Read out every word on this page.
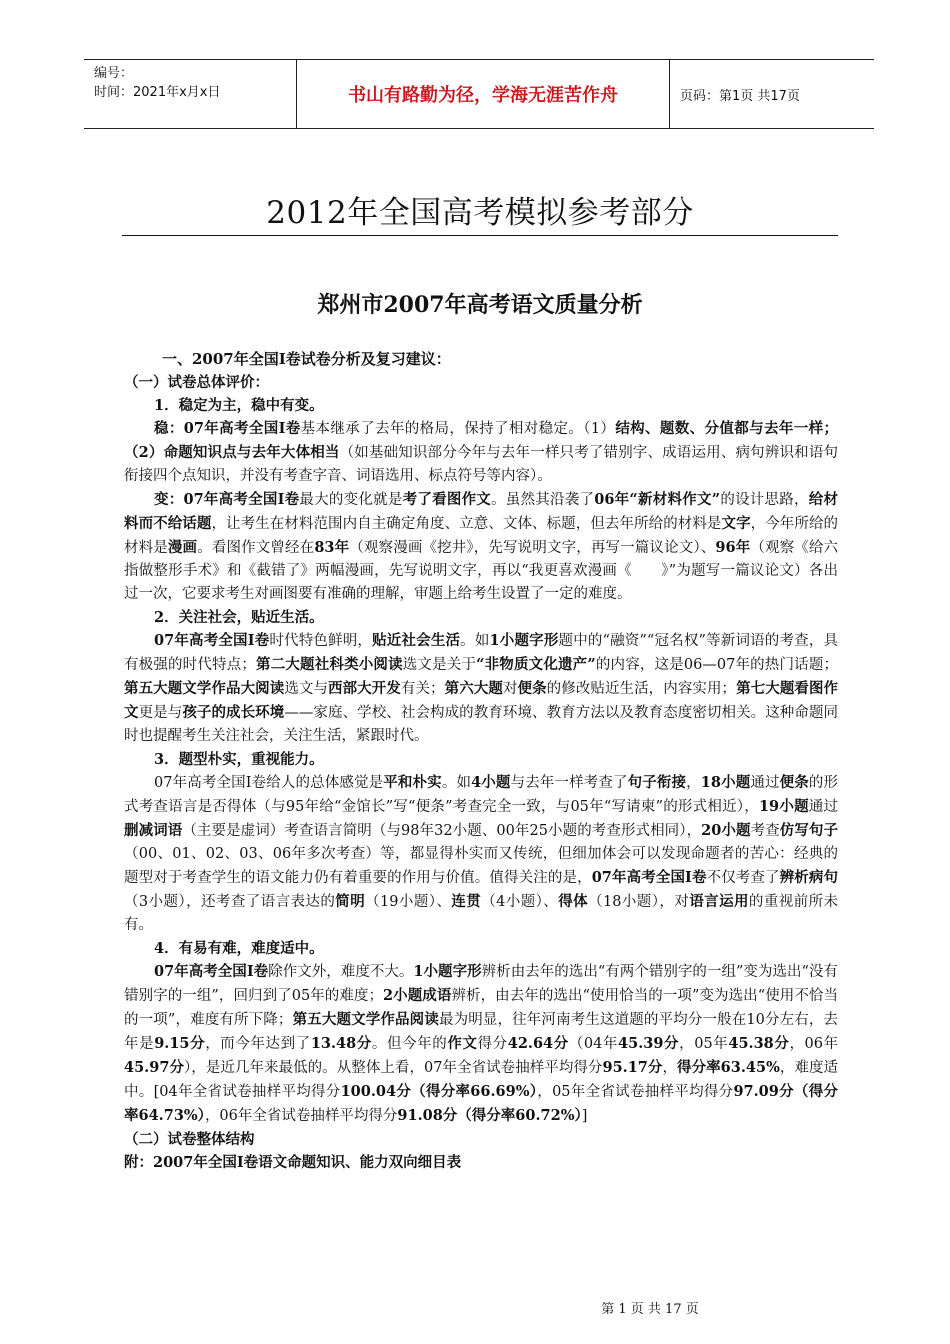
编号：
时间：2021年x月x日	书山有路勤为径，学海无涯苦作舟	页码：第1页 共17页
2012年全国高考模拟参考部分
郑州市2007年高考语文质量分析

一、2007年全国Ⅰ卷试卷分析及复习建议：

（一）试卷总体评价：

1．稳定为主，稳中有变。

稳：07年高考全国Ⅰ卷基本继承了去年的格局，保持了相对稳定。（1）结构、题数、分值都与去年一样；（2）命题知识点与去年大体相当（如基础知识部分今年与去年一样只考了错别字、成语运用、病句辨识和语句衔接四个点知识，并没有考查字音、词语选用、标点符号等内容）。

变：07年高考全国Ⅰ卷最大的变化就是考了看图作文。虽然其沿袭了06年“新材料作文”的设计思路，给材料而不给话题，让考生在材料范围内自主确定角度、立意、文体、标题，但去年所给的材料是文字，今年所给的材料是漫画。看图作文曾经在83年（观察漫画《挖井》，先写说明文字，再写一篇议论文）、96年（观察《给六指做整形手术》和《截错了》两幅漫画，先写说明文字，再以“我更喜欢漫画《　　》”为题写一篇议论文）各出过一次，它要求考生对画图要有准确的理解，审题上给考生设置了一定的难度。

2．关注社会，贴近生活。

07年高考全国Ⅰ卷时代特色鲜明，贴近社会生活。如1小题字形题中的“融资”“冠名权”等新词语的考查，具有极强的时代特点；第二大题社科类小阅读选文是关于“非物质文化遗产”的内容，这是06—07年的热门话题；第五大题文学作品大阅读选文与西部大开发有关；第六大题对便条的修改贴近生活，内容实用；第七大题看图作文更是与孩子的成长环境——家庭、学校、社会构成的教育环境、教育方法以及教育态度密切相关。这种命题同时也提醒考生关注社会，关注生活，紧跟时代。

3．题型朴实，重视能力。

07年高考全国Ⅰ卷给人的总体感觉是平和朴实。如4小题与去年一样考查了句子衔接，18小题通过便条的形式考查语言是否得体（与95年给“金馆长”写“便条”考查完全一致，与05年“写请柬”的形式相近），19小题通过删减词语（主要是虚词）考查语言简明（与98年32小题、00年25小题的考查形式相同），20小题考查仿写句子（00、01、02、03、06年多次考查）等，都显得朴实而又传统，但细加体会可以发现命题者的苦心：经典的题型对于考查学生的语文能力仍有着重要的作用与价值。值得关注的是，07年高考全国Ⅰ卷不仅考查了辨析病句（3小题），还考查了语言表达的简明（19小题）、连贯（4小题）、得体（18小题），对语言运用的重视前所未有。

4．有易有难，难度适中。

07年高考全国Ⅰ卷除作文外，难度不大。1小题字形辨析由去年的选出“有两个错别字的一组”变为选出“没有错别字的一组”，回归到了05年的难度；2小题成语辨析，由去年的选出“使用恰当的一项”变为选出“使用不恰当的一项”，难度有所下降；第五大题文学作品阅读最为明显，往年河南考生这道题的平均分一般在10分左右，去年是9.15分，而今年达到了13.48分。但今年的作文得分42.64分（04年45.39分，05年45.38分，06年45.97分），是近几年来最低的。从整体上看，07年全省试卷抽样平均得分95.17分，得分率63.45%，难度适中。[04年全省试卷抽样平均得分100.04分（得分率66.69%），05年全省试卷抽样平均得分97.09分（得分率64.73%），06年全省试卷抽样平均得分91.08分（得分率60.72%）]

（二）试卷整体结构

附：2007年全国Ⅰ卷语文命题知识、能力双向细目表

第 1 页 共 17 页
